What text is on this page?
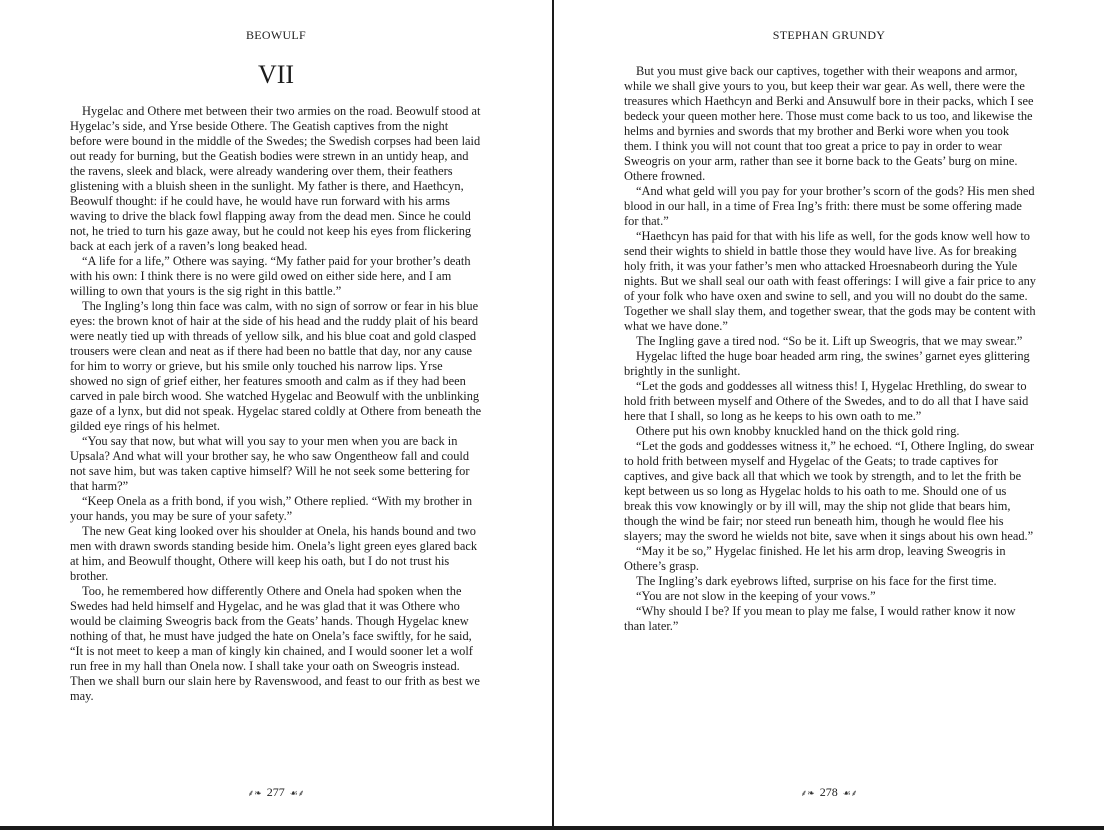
BEOWULF
VII

Hygelac and Othere met between their two armies on the road. Beowulf stood at Hygelac’s side, and Yrse beside Othere. The Geatish captives from the night before were bound in the middle of the Swedes; the Swedish corpses had been laid out ready for burning, but the Geatish bodies were strewn in an untidy heap, and the ravens, sleek and black, were already wandering over them, their feathers glistening with a bluish sheen in the sunlight. My father is there, and Haethcyn, Beowulf thought: if he could have, he would have run forward with his arms waving to drive the black fowl flapping away from the dead men. Since he could not, he tried to turn his gaze away, but he could not keep his eyes from flickering back at each jerk of a raven’s long beaked head.

“A life for a life,” Othere was saying. “My father paid for your brother’s death with his own: I think there is no were gild owed on either side here, and I am willing to own that yours is the sig right in this battle.”

The Ingling’s long thin face was calm, with no sign of sorrow or fear in his blue eyes: the brown knot of hair at the side of his head and the ruddy plait of his beard were neatly tied up with threads of yellow silk, and his blue coat and gold clasped trousers were clean and neat as if there had been no battle that day, nor any cause for him to worry or grieve, but his smile only touched his narrow lips. Yrse showed no sign of grief either, her features smooth and calm as if they had been carved in pale birch wood. She watched Hygelac and Beowulf with the unblinking gaze of a lynx, but did not speak. Hygelac stared coldly at Othere from beneath the gilded eye rings of his helmet.

“You say that now, but what will you say to your men when you are back in Upsala? And what will your brother say, he who saw Ongentheow fall and could not save him, but was taken captive himself? Will he not seek some bettering for that harm?”

“Keep Onela as a frith bond, if you wish,” Othere replied. “With my brother in your hands, you may be sure of your safety.”

The new Geat king looked over his shoulder at Onela, his hands bound and two men with drawn swords standing beside him. Onela’s light green eyes glared back at him, and Beowulf thought, Othere will keep his oath, but I do not trust his brother.

Too, he remembered how differently Othere and Onela had spoken when the Swedes had held himself and Hygelac, and he was glad that it was Othere who would be claiming Sweogris back from the Geats’ hands. Though Hygelac knew nothing of that, he must have judged the hate on Onela’s face swiftly, for he said, “It is not meet to keep a man of kingly kin chained, and I would sooner let a wolf run free in my hall than Onela now. I shall take your oath on Sweogris instead. Then we shall burn our slain here by Ravenswood, and feast to our frith as best we may.

⸙❧ 277 ☙⸙
STEPHAN GRUNDY

But you must give back our captives, together with their weapons and armor, while we shall give yours to you, but keep their war gear. As well, there were the treasures which Haethcyn and Berki and Ansuwulf bore in their packs, which I see bedeck your queen mother here. Those must come back to us too, and likewise the helms and byrnies and swords that my brother and Berki wore when you took them. I think you will not count that too great a price to pay in order to wear Sweogris on your arm, rather than see it borne back to the Geats’ burg on mine. Othere frowned.

“And what geld will you pay for your brother’s scorn of the gods? His men shed blood in our hall, in a time of Frea Ing’s frith: there must be some offering made for that.”

“Haethcyn has paid for that with his life as well, for the gods know well how to send their wights to shield in battle those they would have live. As for breaking holy frith, it was your father’s men who attacked Hroesnabeorh during the Yule nights. But we shall seal our oath with feast offerings: I will give a fair price to any of your folk who have oxen and swine to sell, and you will no doubt do the same. Together we shall slay them, and together swear, that the gods may be content with what we have done.”

The Ingling gave a tired nod. “So be it. Lift up Sweogris, that we may swear.”

Hygelac lifted the huge boar headed arm ring, the swines’ garnet eyes glittering brightly in the sunlight.

“Let the gods and goddesses all witness this! I, Hygelac Hrethling, do swear to hold frith between myself and Othere of the Swedes, and to do all that I have said here that I shall, so long as he keeps to his own oath to me.”

Othere put his own knobby knuckled hand on the thick gold ring.

“Let the gods and goddesses witness it,” he echoed. “I, Othere Ingling, do swear to hold frith between myself and Hygelac of the Geats; to trade captives for captives, and give back all that which we took by strength, and to let the frith be kept between us so long as Hygelac holds to his oath to me. Should one of us break this vow knowingly or by ill will, may the ship not glide that bears him, though the wind be fair; nor steed run beneath him, though he would flee his slayers; may the sword he wields not bite, save when it sings about his own head.”

“May it be so,” Hygelac finished. He let his arm drop, leaving Sweogris in Othere’s grasp.

The Ingling’s dark eyebrows lifted, surprise on his face for the first time.

“You are not slow in the keeping of your vows.”

“Why should I be? If you mean to play me false, I would rather know it now than later.”

⸙❧ 278 ☙⸙
